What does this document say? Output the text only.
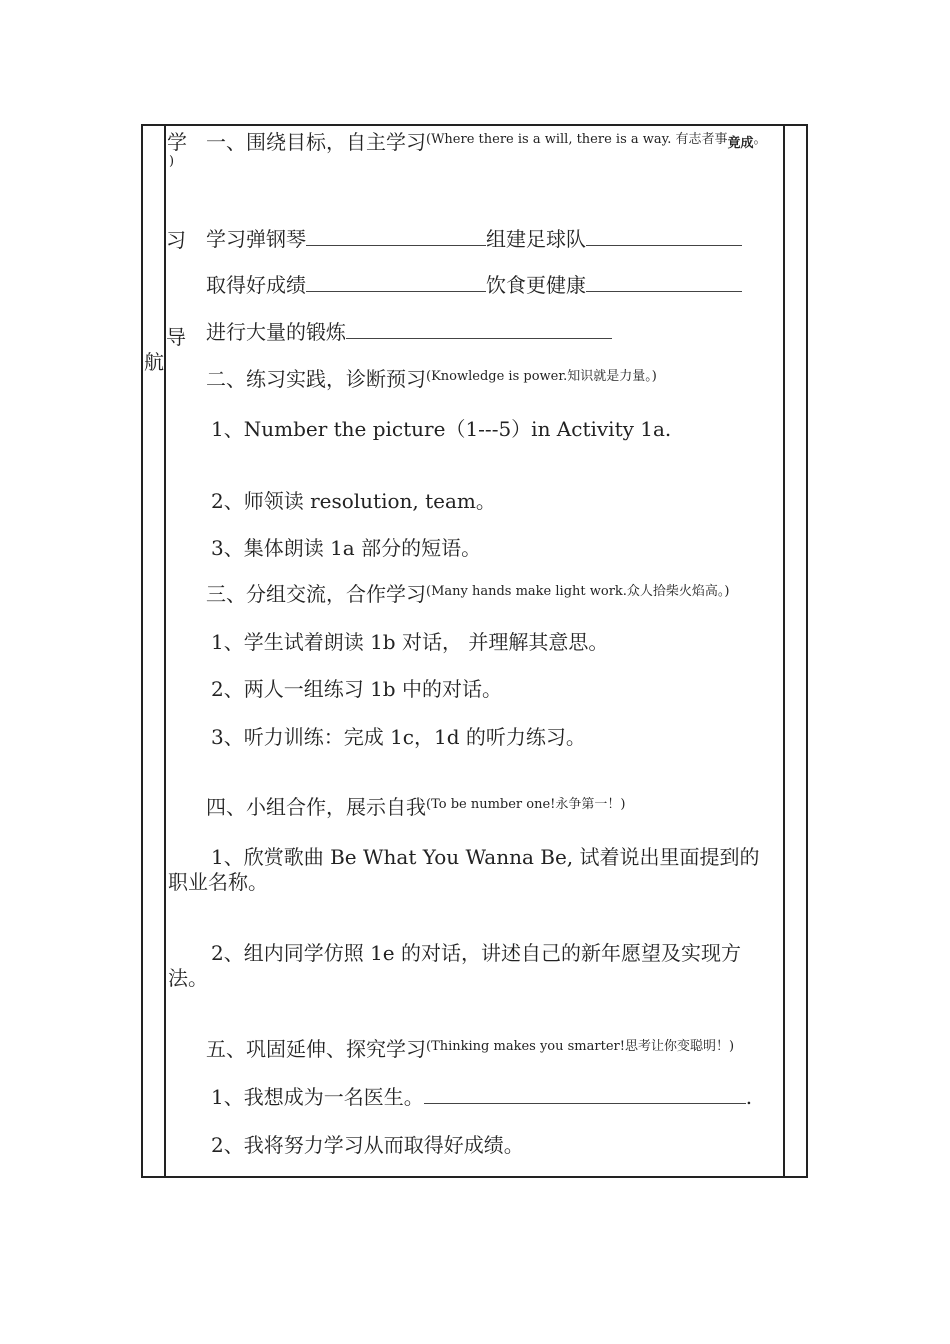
学
)
习
导
航
一、围绕目标，自主学习$^{(Where there is a will, there is a way. 有志者事}$竟成。
学习弹钢琴	组建足球队
取得好成绩	饮食更健康
进行大量的锻炼
二、练习实践，诊断预习$^{(Knowledge is power.知识就是力量。)}$
1、Number the picture（1---5）in Activity 1a.
2、师领读 resolution, team。
3、集体朗读 1a 部分的短语。
三、分组交流，合作学习$^{(Many hands make light work.众人拾柴火焰高。)}$
1、学生试着朗读 1b 对话， 并理解其意思。
2、两人一组练习 1b 中的对话。
3、听力训练：完成 1c，1d 的听力练习。
四、小组合作，展示自我$^{(To be number one!永争第一!)}$
1、欣赏歌曲 Be What You Wanna Be, 试着说出里面提到的
职业名称。
2、组内同学仿照 1e 的对话，讲述自己的新年愿望及实现方
法。
五、巩固延伸、探究学习$^{(Thinking makes you smarter!思考让你变聪明!)}$
1、我想成为一名医生。	.
2、我将努力学习从而取得好成绩。
